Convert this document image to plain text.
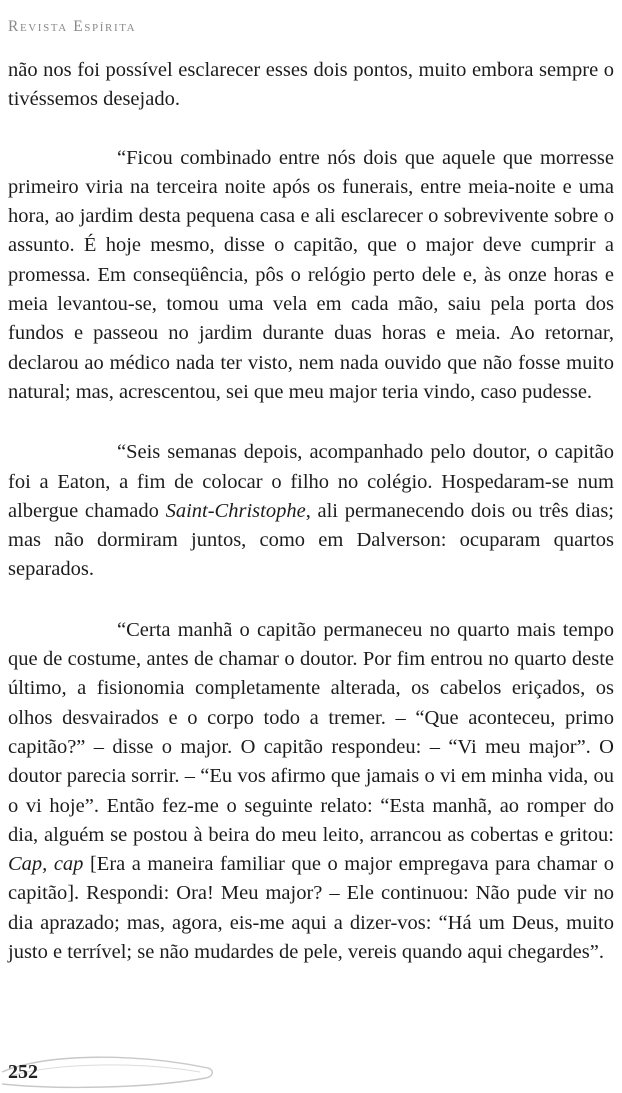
Revista Espírita

não nos foi possível esclarecer esses dois pontos, muito embora sempre o tivéssemos desejado.

“Ficou combinado entre nós dois que aquele que morresse primeiro viria na terceira noite após os funerais, entre meia-noite e uma hora, ao jardim desta pequena casa e ali esclarecer o sobrevivente sobre o assunto. É hoje mesmo, disse o capitão, que o major deve cumprir a promessa. Em conseqüência, pôs o relógio perto dele e, às onze horas e meia levantou-se, tomou uma vela em cada mão, saiu pela porta dos fundos e passeou no jardim durante duas horas e meia. Ao retornar, declarou ao médico nada ter visto, nem nada ouvido que não fosse muito natural; mas, acrescentou, sei que meu major teria vindo, caso pudesse.

“Seis semanas depois, acompanhado pelo doutor, o capitão foi a Eaton, a fim de colocar o filho no colégio. Hospedaram-se num albergue chamado Saint-Christophe, ali permanecendo dois ou três dias; mas não dormiram juntos, como em Dalverson: ocuparam quartos separados.

“Certa manhã o capitão permaneceu no quarto mais tempo que de costume, antes de chamar o doutor. Por fim entrou no quarto deste último, a fisionomia completamente alterada, os cabelos eriçados, os olhos desvairados e o corpo todo a tremer. – “Que aconteceu, primo capitão?” – disse o major. O capitão respondeu: – “Vi meu major”. O doutor parecia sorrir. – “Eu vos afirmo que jamais o vi em minha vida, ou o vi hoje”. Então fez-me o seguinte relato: “Esta manhã, ao romper do dia, alguém se postou à beira do meu leito, arrancou as cobertas e gritou: Cap, cap [Era a maneira familiar que o major empregava para chamar o capitão]. Respondi: Ora! Meu major? – Ele continuou: Não pude vir no dia aprazado; mas, agora, eis-me aqui a dizer-vos: “Há um Deus, muito justo e terrível; se não mudardes de pele, vereis quando aqui chegardes”.

252
